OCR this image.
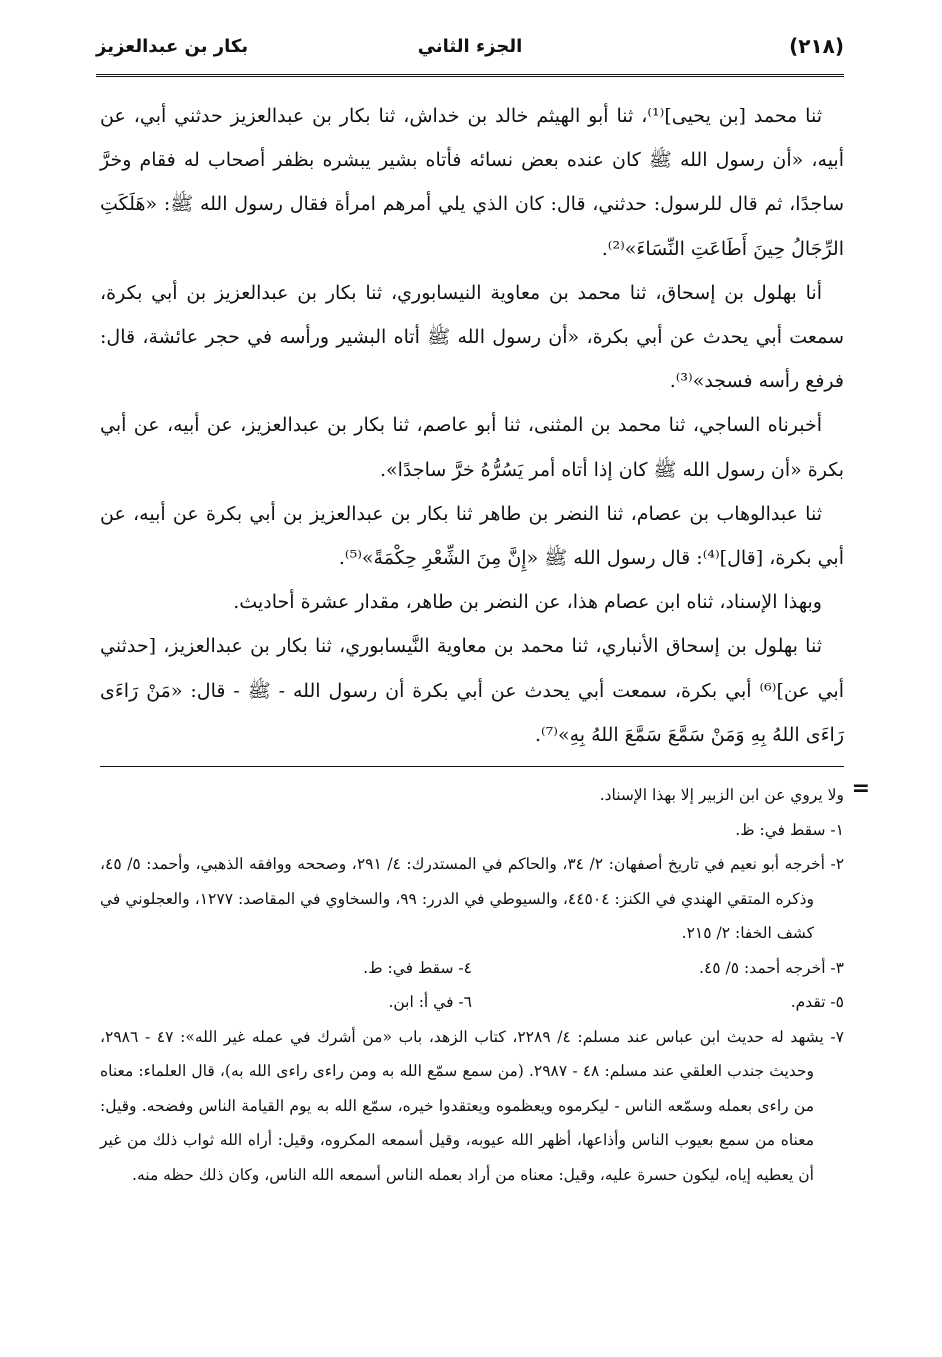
(٢١٨)
الجزء الثاني
بكار بن عبدالعزيز

ثنا محمد [بن يحيى]⁽¹⁾، ثنا أبو الهيثم خالد بن خداش، ثنا بكار بن عبدالعزيز حدثني أبي، عن أبيه، «أن رسول الله ﷺ كان عنده بعض نسائه فأتاه بشير يبشره بظفر أصحاب له فقام وخرَّ ساجدًا، ثم قال للرسول: حدثني، قال: كان الذي يلي أمرهم امرأة فقال رسول الله ﷺ: «هَلَكَتِ الرِّجَالُ حِينَ أَطَاعَتِ النِّسَاءَ»⁽²⁾.

أنا بهلول بن إسحاق، ثنا محمد بن معاوية النيسابوري، ثنا بكار بن عبدالعزيز بن أبي بكرة، سمعت أبي يحدث عن أبي بكرة، «أن رسول الله ﷺ أتاه البشير ورأسه في حجر عائشة، قال: فرفع رأسه فسجد»⁽³⁾.

أخبرناه الساجي، ثنا محمد بن المثنى، ثنا أبو عاصم، ثنا بكار بن عبدالعزيز، عن أبيه، عن أبي بكرة «أن رسول الله ﷺ كان إذا أتاه أمر يَسُرُّهُ خرَّ ساجدًا».

ثنا عبدالوهاب بن عصام، ثنا النضر بن طاهر ثنا بكار بن عبدالعزيز بن أبي بكرة عن أبيه، عن أبي بكرة، [قال]⁽⁴⁾: قال رسول الله ﷺ «إِنَّ مِنَ الشِّعْرِ حِكْمَةً»⁽⁵⁾.

وبهذا الإسناد، ثناه ابن عصام هذا، عن النضر بن طاهر، مقدار عشرة أحاديث.

ثنا بهلول بن إسحاق الأنباري، ثنا محمد بن معاوية النَّيسابوري، ثنا بكار بن عبدالعزيز، [حدثني أبي عن]⁽⁶⁾ أبي بكرة، سمعت أبي يحدث عن أبي بكرة أن رسول الله - ﷺ - قال: «مَنْ رَاءَى رَاءَى اللهُ بِهِ وَمَنْ سَمَّعَ سَمَّعَ اللهُ بِهِ»⁽⁷⁾.

=

ولا يروي عن ابن الزبير إلا بهذا الإسناد.

١- سقط في: ظ.

٢- أخرجه أبو نعيم في تاريخ أصفهان: ٢/ ٣٤، والحاكم في المستدرك: ٤/ ٢٩١، وصححه ووافقه الذهبي، وأحمد: ٥/ ٤٥، وذكره المتقي الهندي في الكنز: ٤٤٥٠٤، والسيوطي في الدرر: ٩٩، والسخاوي في المقاصد: ١٢٧٧، والعجلوني في كشف الخفا: ٢/ ٢١٥.

٣- أخرجه أحمد: ٥/ ٤٥.

٤- سقط في: ط.

٥- تقدم.

٦- في أ: ابن.

٧- يشهد له حديث ابن عباس عند مسلم: ٤/ ٢٢٨٩، كتاب الزهد، باب «من أشرك في عمله غير الله»: ٤٧ - ٢٩٨٦، وحديث جندب العلقي عند مسلم: ٤٨ - ٢٩٨٧. (من سمع سمّع الله به ومن راءى راءى الله به)، قال العلماء: معناه من راءى بعمله وسمّعه الناس - ليكرموه ويعظموه ويعتقدوا خيره، سمّع الله به يوم القيامة الناس وفضحه. وقيل: معناه من سمع بعيوب الناس وأذاعها، أظهر الله عيوبه، وقيل أسمعه المكروه، وقيل: أراه الله ثواب ذلك من غير أن يعطيه إياه، ليكون حسرة عليه، وقيل: معناه من أراد بعمله الناس أسمعه الله الناس، وكان ذلك حظه منه.
